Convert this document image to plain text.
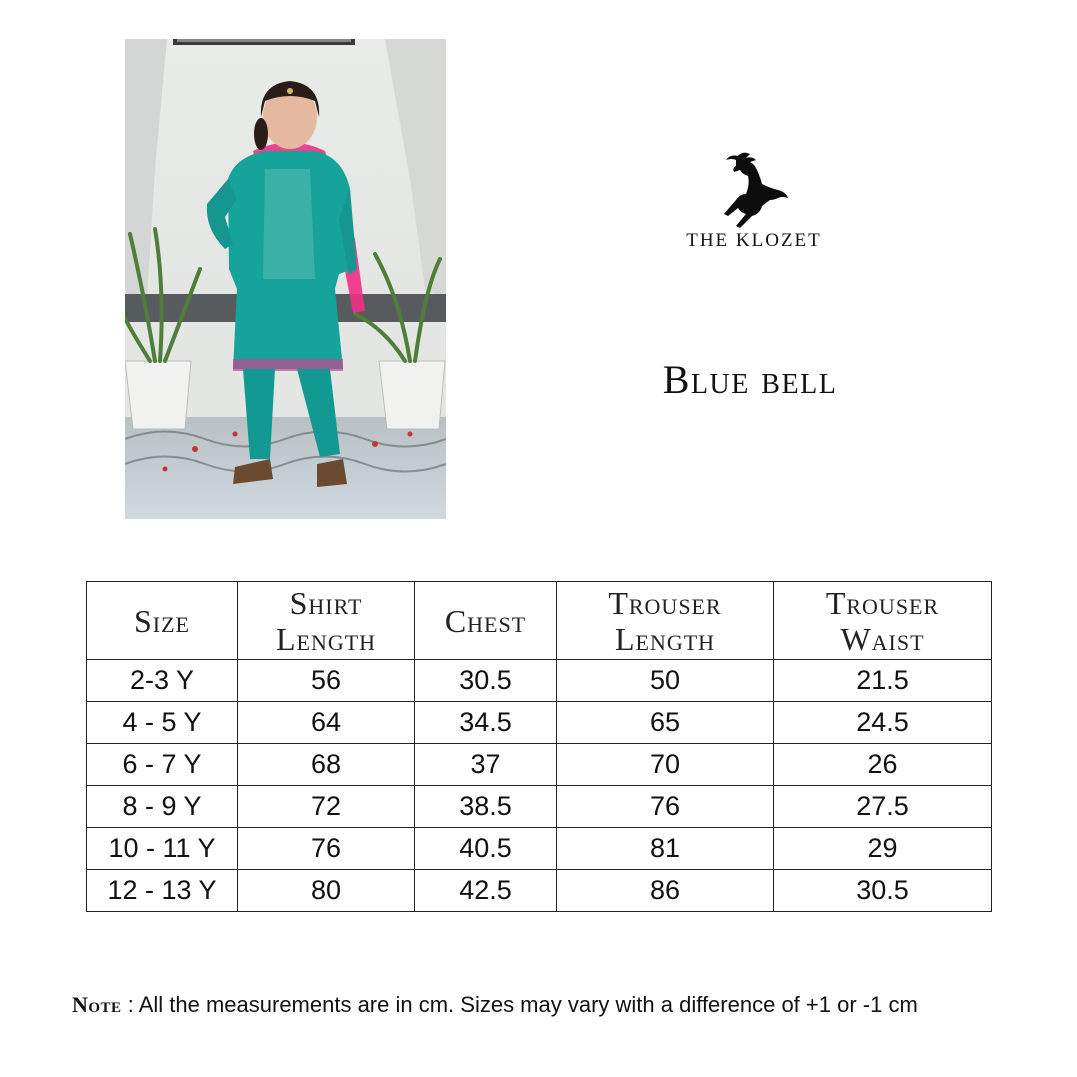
THE KLOZET
Blue bell
Size	Shirt Length	Chest	Trouser Length	Trouser Waist
2-3 Y	56	30.5	50	21.5
4 - 5 Y	64	34.5	65	24.5
6 - 7 Y	68	37	70	26
8 - 9 Y	72	38.5	76	27.5
10 - 11 Y	76	40.5	81	29
12 - 13 Y	80	42.5	86	30.5
Note : All the measurements are in cm. Sizes may vary with a difference of +1 or -1 cm
